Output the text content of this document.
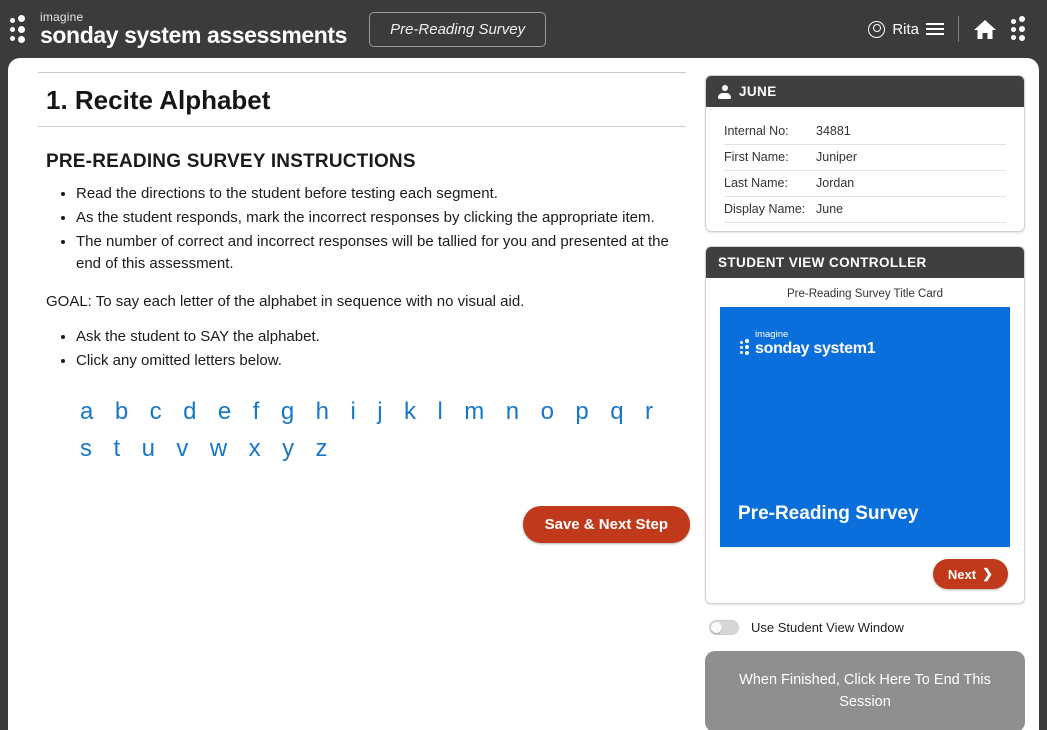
imagine
sonday system assessments	Pre-Reading Survey	Rita
1. Recite Alphabet
PRE-READING SURVEY INSTRUCTIONS
• Read the directions to the student before testing each segment.
• As the student responds, mark the incorrect responses by clicking the appropriate item.
• The number of correct and incorrect responses will be tallied for you and presented at the end of this assessment.
GOAL: To say each letter of the alphabet in sequence with no visual aid.
• Ask the student to SAY the alphabet.
• Click any omitted letters below.
a b c d e f g h i j k l m n o p q r s t u v w x y z
Save & Next Step
JUNE
Internal No:	34881
First Name:	Juniper
Last Name:	Jordan
Display Name: June
STUDENT VIEW CONTROLLER
Pre-Reading Survey Title Card
imagine
sonday system1
Pre-Reading Survey
Next ❯
Use Student View Window
When Finished, Click Here To End This Session
